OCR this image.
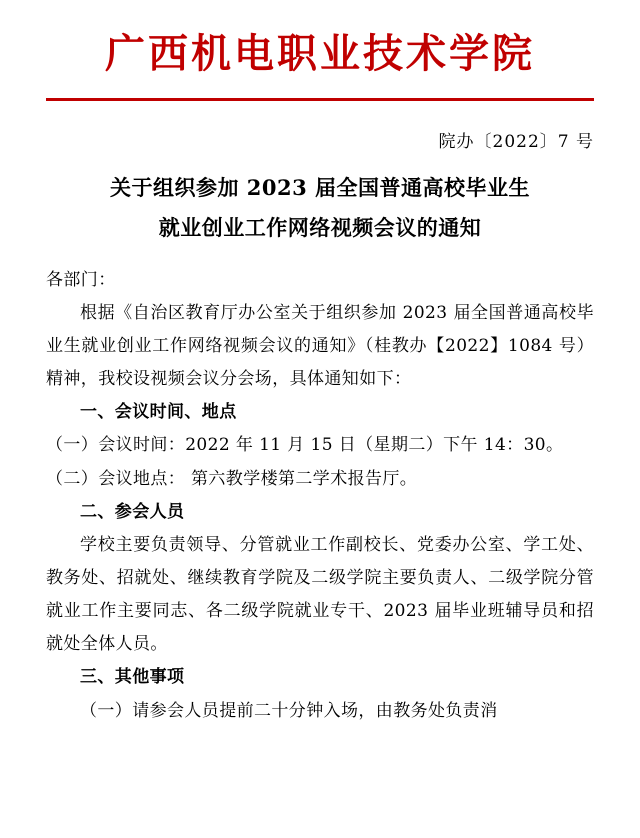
广西机电职业技术学院
院办〔2022〕7 号
关于组织参加 2023 届全国普通高校毕业生
就业创业工作网络视频会议的通知

各部门：

根据《自治区教育厅办公室关于组织参加 2023 届全国普通高校毕业生就业创业工作网络视频会议的通知》（桂教办【2022】1084 号）精神，我校设视频会议分会场，具体通知如下：

一、会议时间、地点

（一）会议时间：2022 年 11 月 15 日（星期二）下午 14：30。

（二）会议地点： 第六教学楼第二学术报告厅。

二、参会人员

学校主要负责领导、分管就业工作副校长、党委办公室、学工处、教务处、招就处、继续教育学院及二级学院主要负责人、二级学院分管就业工作主要同志、各二级学院就业专干、2023 届毕业班辅导员和招就处全体人员。

三、其他事项

（一）请参会人员提前二十分钟入场，由教务处负责消
